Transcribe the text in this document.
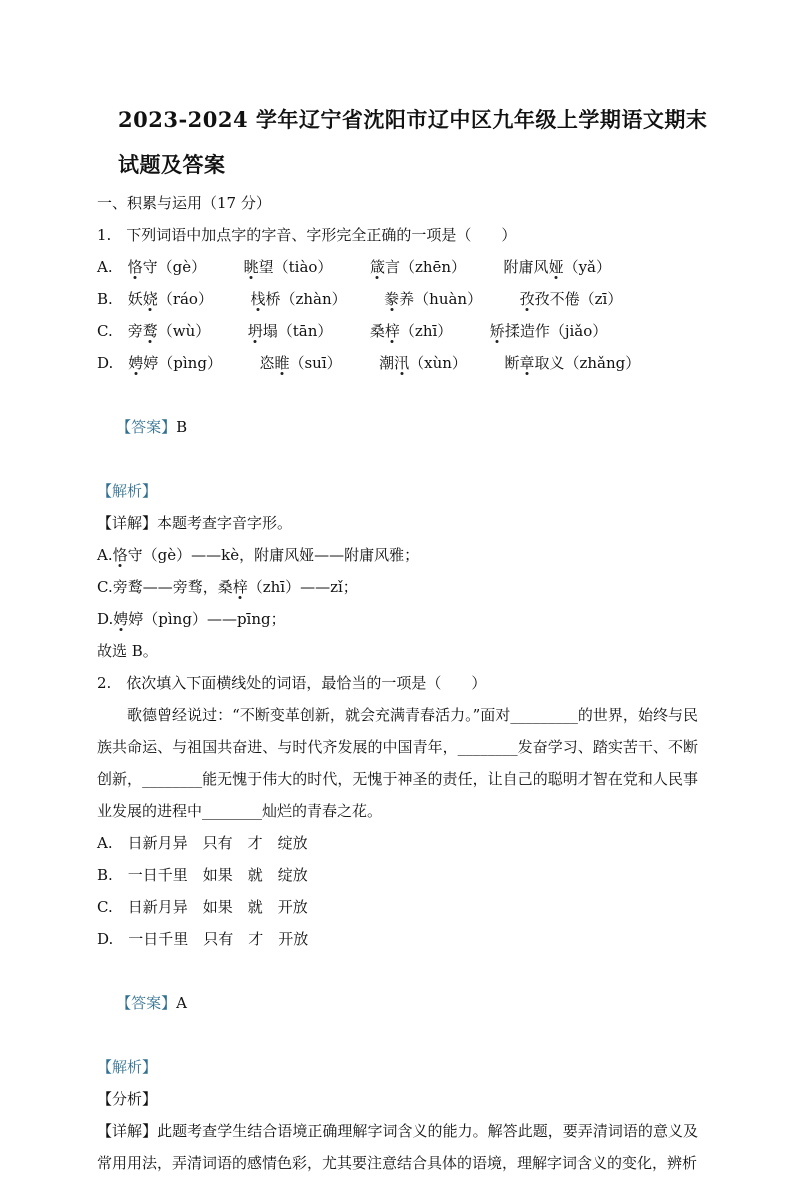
2023-2024 学年辽宁省沈阳市辽中区九年级上学期语文期末
试题及答案
一、积累与运用（17 分）
1.　下列词语中加点字的字音、字形完全正确的一项是（　　）
A.　恪守（gè）　　　眺望（tiào）　　　箴言（zhēn）　　　附庸风娅（yǎ）
B.　妖娆（ráo）　　　栈桥（zhàn）　　　豢养（huàn）　　　孜孜不倦（zī）
C.　旁鹜（wù）　　　坍塌（tān）　　　桑梓（zhī）　　　矫揉造作（jiǎo）
D.　娉婷（pìng）　　　恣睢（suī）　　　潮汛（xùn）　　　断章取义（zhǎng）

【答案】B

【解析】
【详解】本题考查字音字形。
A.恪守（gè）——kè，附庸风娅——附庸风雅；
C.旁鹜——旁骛，桑梓（zhī）——zǐ；
D.娉婷（pìng）——pīng；
故选 B。
2.　依次填入下面横线处的词语，最恰当的一项是（　　）
歌德曾经说过：“不断变革创新，就会充满青春活力。”面对_________的世界，始终与民族共命运、与祖国共奋进、与时代齐发展的中国青年，________发奋学习、踏实苦干、不断创新，________能无愧于伟大的时代，无愧于神圣的责任，让自己的聪明才智在党和人民事业发展的进程中________灿烂的青春之花。
A.　日新月异　只有　才　绽放
B.　一日千里　如果　就　绽放
C.　日新月异　如果　就　开放
D.　一日千里　只有　才　开放

【答案】A

【解析】
【分析】
【详解】此题考查学生结合语境正确理解字词含义的能力。解答此题，要弄清词语的意义及常用用法，弄清词语的感情色彩，尤其要注意结合具体的语境，理解字词含义的变化，辨析
